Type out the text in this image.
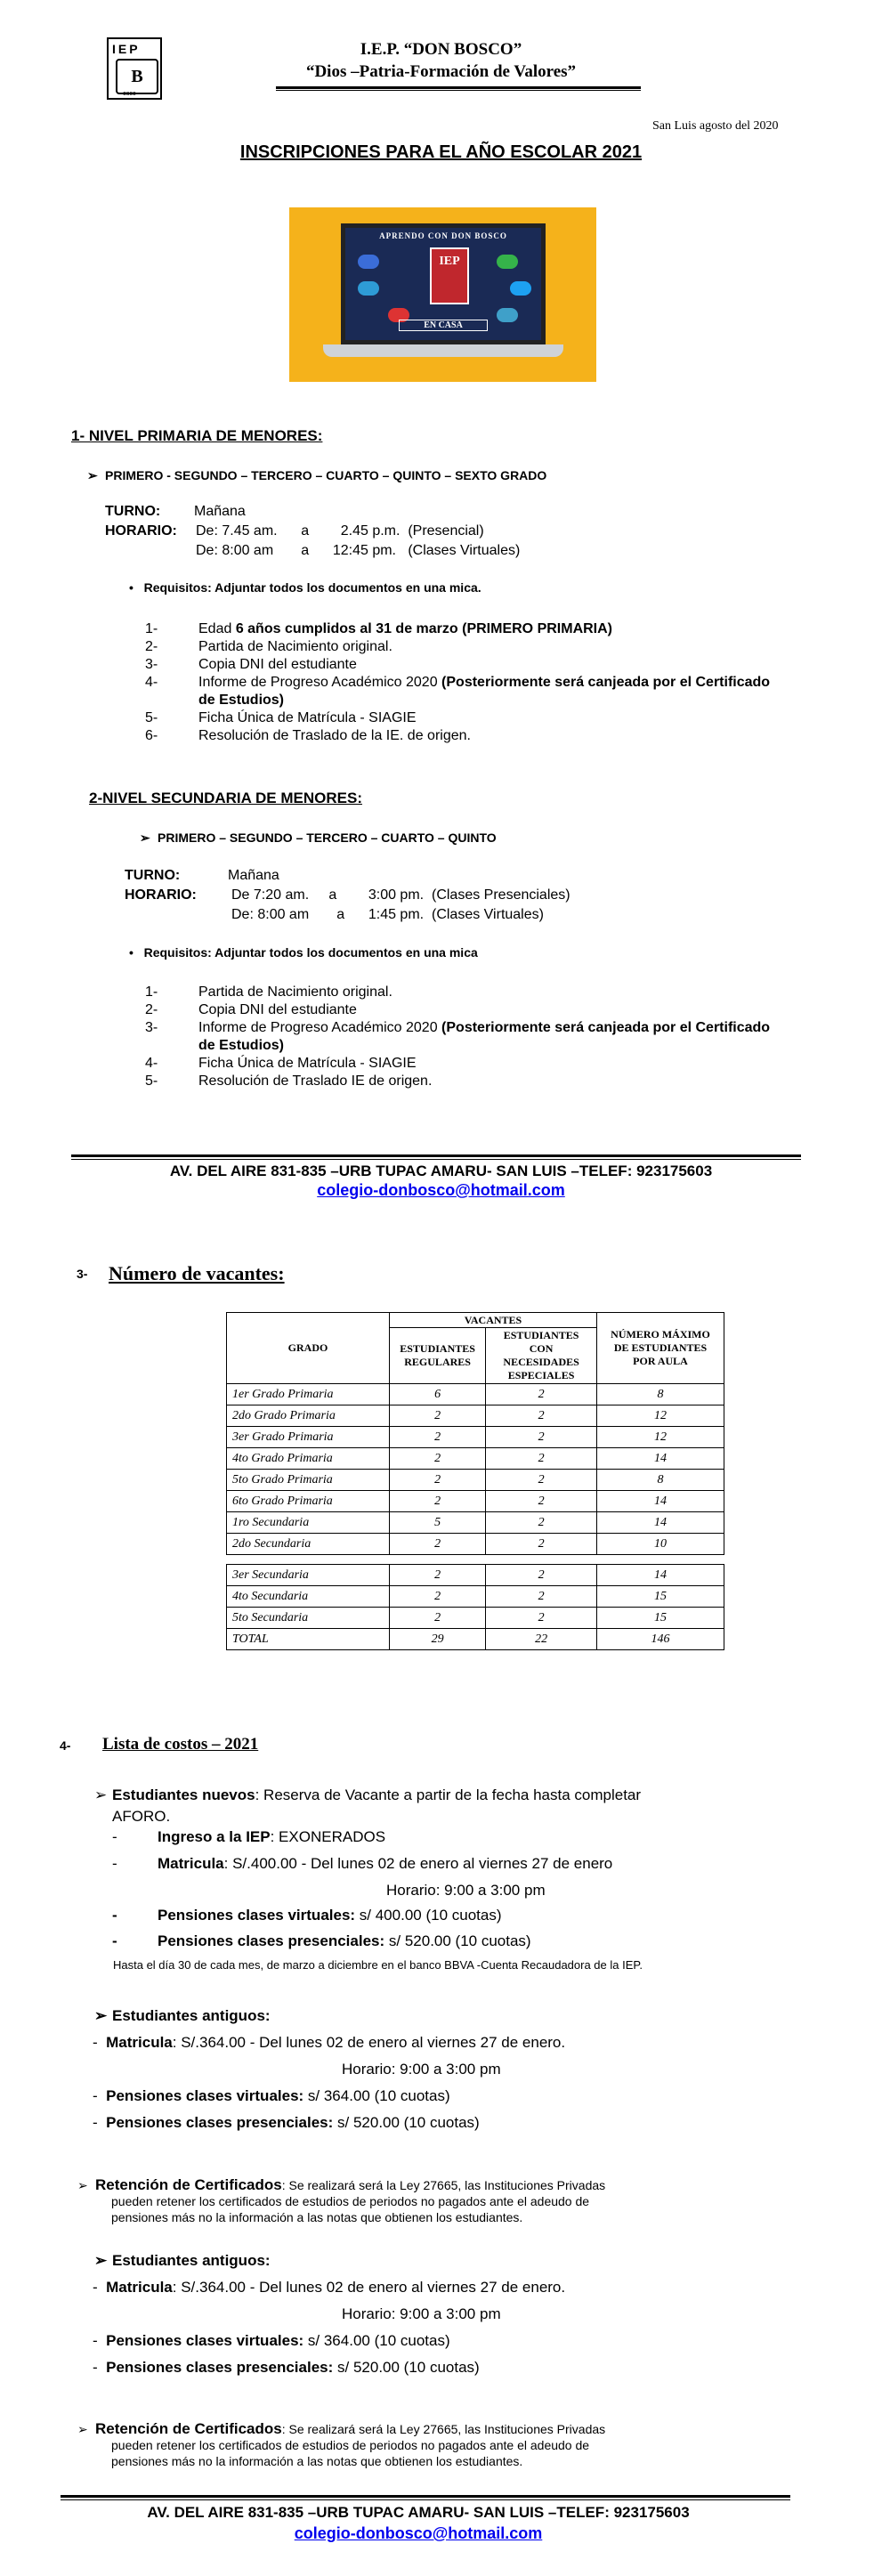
IEP
B
osco
I.E.P. “DON BOSCO”
“Dios –Patria-Formación de Valores”
San Luis agosto del 2020
INSCRIPCIONES PARA EL AÑO ESCOLAR 2021
APRENDO CON DON BOSCO
IEP
EN CASA
1- NIVEL PRIMARIA DE MENORES:
PRIMERO - SEGUNDO – TERCERO – CUARTO – QUINTO – SEXTO GRADO
TURNO: Mañana
HORARIO: De: 7.45 am.      a        2.45 p.m.  (Presencial)
De: 8:00 am       a      12:45 pm.   (Clases Virtuales)
• Requisitos: Adjuntar todos los documentos en una mica.
1-	Edad 6 años cumplidos al 31 de marzo (PRIMERO PRIMARIA)
2-	Partida de Nacimiento original.
3-	Copia DNI del estudiante
4-	Informe de Progreso Académico 2020 (Posteriormente será canjeada por el Certificado
de Estudios)
5-	Ficha Única de Matrícula - SIAGIE
6-	Resolución de Traslado de la IE. de origen.
2-NIVEL SECUNDARIA DE MENORES:
PRIMERO – SEGUNDO – TERCERO – CUARTO – QUINTO
TURNO:	Mañana
HORARIO: De 7:20 am.     a        3:00 pm.  (Clases Presenciales)
De: 8:00 am       a      1:45 pm.  (Clases Virtuales)
• Requisitos: Adjuntar todos los documentos en una mica
1-	Partida de Nacimiento original.
2-	Copia DNI del estudiante
3-	Informe de Progreso Académico 2020 (Posteriormente será canjeada por el Certificado
de Estudios)
4-	Ficha Única de Matrícula - SIAGIE
5-	Resolución de Traslado IE de origen.
AV. DEL AIRE 831-835 –URB TUPAC AMARU- SAN LUIS –TELEF: 923175603
colegio-donbosco@hotmail.com
3- Número de vacantes:
GRADO	VACANTES		NÚMERO MÁXIMO DE ESTUDIANTES POR AULA
	ESTUDIANTES REGULARES	ESTUDIANTES CON NECESIDADES ESPECIALES	
1er Grado Primaria	6	2	8
2do Grado Primaria	2	2	12
3er Grado Primaria	2	2	12
4to Grado Primaria	2	2	14
5to Grado Primaria	2	2	8
6to Grado Primaria	2	2	14
1ro Secundaria	5	2	14
2do Secundaria	2	2	10

3er Secundaria	2	2	14
4to Secundaria	2	2	15
5to Secundaria	2	2	15
TOTAL	29	22	146
4- Lista de costos – 2021
Estudiantes nuevos: Reserva de Vacante a partir de la fecha hasta completar
AFORO.
-	Ingreso a la IEP: EXONERADOS
-	Matricula: S/.400.00 - Del lunes 02 de enero al viernes 27 de enero
Horario: 9:00 a 3:00 pm
-	Pensiones clases virtuales: s/ 400.00 (10 cuotas)
-	Pensiones clases presenciales: s/ 520.00 (10 cuotas)
Hasta el día 30 de cada mes, de marzo a diciembre en el banco BBVA -Cuenta Recaudadora de la IEP.
Estudiantes antiguos:
- Matricula: S/.364.00 - Del lunes 02 de enero al viernes 27 de enero.
Horario: 9:00 a 3:00 pm
- Pensiones clases virtuales: s/ 364.00 (10 cuotas)
- Pensiones clases presenciales: s/ 520.00 (10 cuotas)
Retención de Certificados: Se realizará será la Ley 27665, las Instituciones Privadas
pueden retener los certificados de estudios de periodos no pagados ante el adeudo de
pensiones más no la información a las notas que obtienen los estudiantes.
Estudiantes antiguos:
- Matricula: S/.364.00 - Del lunes 02 de enero al viernes 27 de enero.
Horario: 9:00 a 3:00 pm
- Pensiones clases virtuales: s/ 364.00 (10 cuotas)
- Pensiones clases presenciales: s/ 520.00 (10 cuotas)
Retención de Certificados: Se realizará será la Ley 27665, las Instituciones Privadas
pueden retener los certificados de estudios de periodos no pagados ante el adeudo de
pensiones más no la información a las notas que obtienen los estudiantes.
AV. DEL AIRE 831-835 –URB TUPAC AMARU- SAN LUIS –TELEF: 923175603
colegio-donbosco@hotmail.com
